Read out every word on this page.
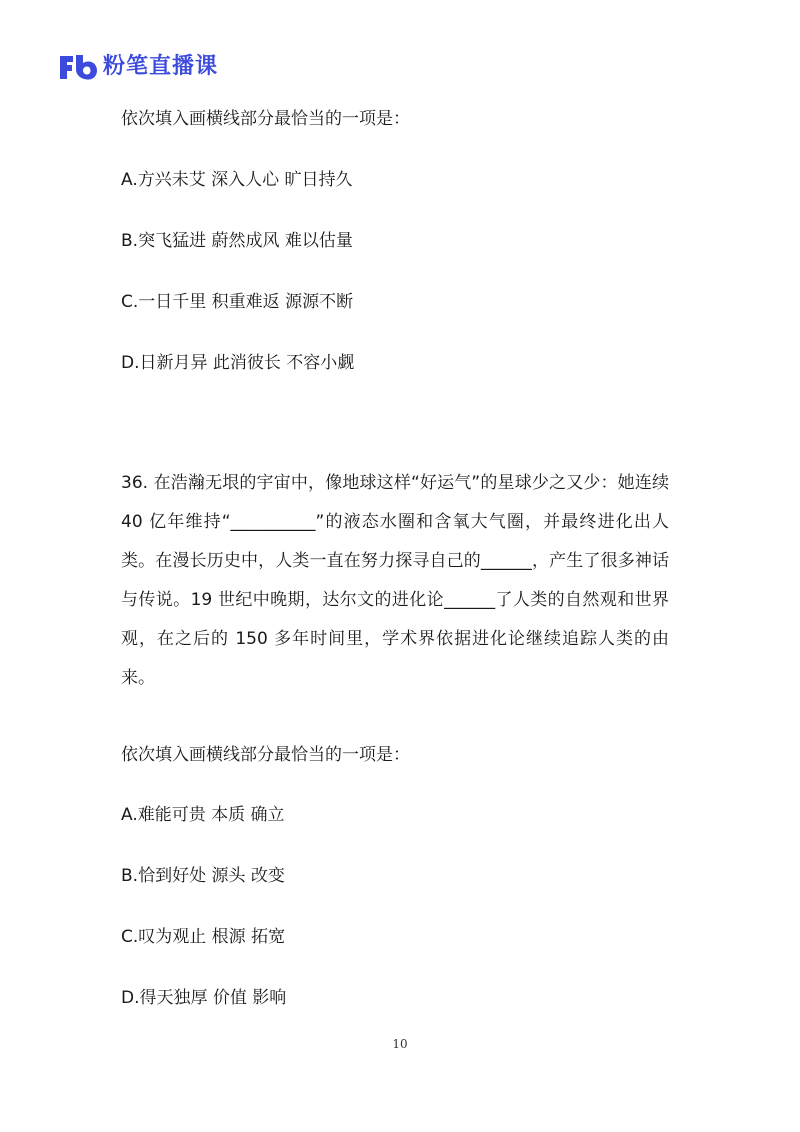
粉笔直播课
依次填入画横线部分最恰当的一项是：
A.方兴未艾 深入人心 旷日持久
B.突飞猛进 蔚然成风 难以估量
C.一日千里 积重难返 源源不断
D.日新月异 此消彼长 不容小觑
36. 在浩瀚无垠的宇宙中，像地球这样“好运气”的星球少之又少：她连续 40 亿年维持“__________”的液态水圈和含氧大气圈，并最终进化出人类。在漫长历史中，人类一直在努力探寻自己的______，产生了很多神话与传说。19 世纪中晚期，达尔文的进化论______了人类的自然观和世界观，在之后的 150 多年时间里，学术界依据进化论继续追踪人类的由来。
依次填入画横线部分最恰当的一项是：
A.难能可贵 本质 确立
B.恰到好处 源头 改变
C.叹为观止 根源 拓宽
D.得天独厚 价值 影响
10
